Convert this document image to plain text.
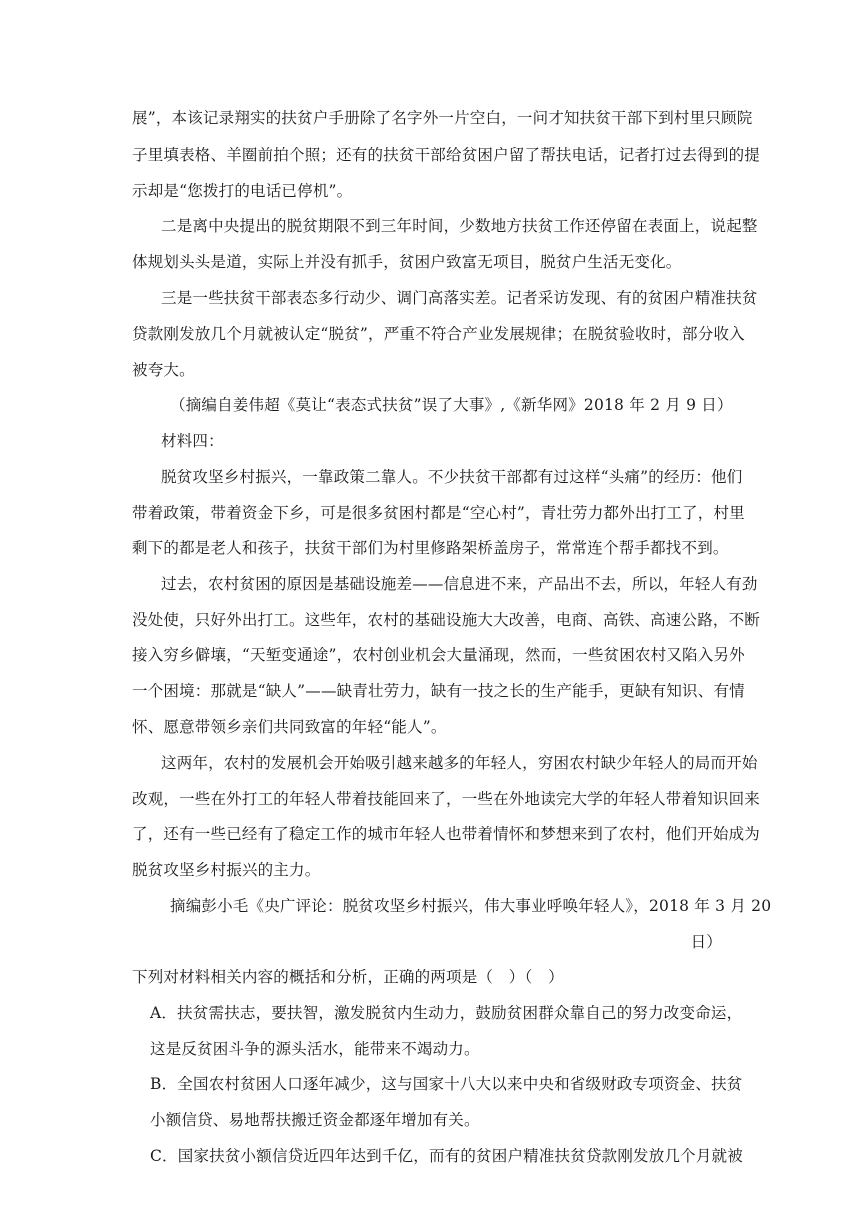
展”，本该记录翔实的扶贫户手册除了名字外一片空白，一问才知扶贫干部下到村里只顾院
子里填表格、羊圈前拍个照；还有的扶贫干部给贫困户留了帮扶电话，记者打过去得到的提
示却是“您拨打的电话已停机”。
二是离中央提出的脱贫期限不到三年时间，少数地方扶贫工作还停留在表面上，说起整
体规划头头是道，实际上并没有抓手，贫困户致富无项目，脱贫户生活无变化。
三是一些扶贫干部表态多行动少、调门高落实差。记者采访发现、有的贫困户精准扶贫
贷款刚发放几个月就被认定“脱贫”，严重不符合产业发展规律；在脱贫验收时，部分收入
被夸大。
（摘编自姜伟超《莫让“表态式扶贫”误了大事》,《新华网》2018 年 2 月 9 日）
材料四：
脱贫攻坚乡村振兴，一靠政策二靠人。不少扶贫干部都有过这样“头痛”的经历：他们
带着政策，带着资金下乡，可是很多贫困村都是“空心村”，青壮劳力都外出打工了，村里
剩下的都是老人和孩子，扶贫干部们为村里修路架桥盖房子，常常连个帮手都找不到。
过去，农村贫困的原因是基础设施差——信息进不来，产品出不去，所以，年轻人有劲
没处使，只好外出打工。这些年，农村的基础设施大大改善，电商、高铁、高速公路，不断
接入穷乡僻壤，“天堑变通途”，农村创业机会大量涌现，然而，一些贫困农村又陷入另外
一个困境：那就是“缺人”——缺青壮劳力，缺有一技之长的生产能手，更缺有知识、有情
怀、愿意带领乡亲们共同致富的年轻“能人”。
这两年，农村的发展机会开始吸引越来越多的年轻人，穷困农村缺少年轻人的局而开始
改观，一些在外打工的年轻人带着技能回来了，一些在外地读完大学的年轻人带着知识回来
了，还有一些已经有了稳定工作的城市年轻人也带着情怀和梦想来到了农村，他们开始成为
脱贫攻坚乡村振兴的主力。
摘编彭小毛《央广评论：脱贫攻坚乡村振兴，伟大事业呼唤年轻人》，2018 年 3 月 20
日）
下列对材料相关内容的概括和分析，正确的两项是（　）（　）
A．扶贫需扶志，要扶智，激发脱贫内生动力，鼓励贫困群众靠自己的努力改变命运，
这是反贫困斗争的源头活水，能带来不竭动力。
B．全国农村贫困人口逐年减少，这与国家十八大以来中央和省级财政专项资金、扶贫
小额信贷、易地帮扶搬迁资金都逐年增加有关。
C．国家扶贫小额信贷近四年达到千亿，而有的贫困户精准扶贫贷款刚发放几个月就被
